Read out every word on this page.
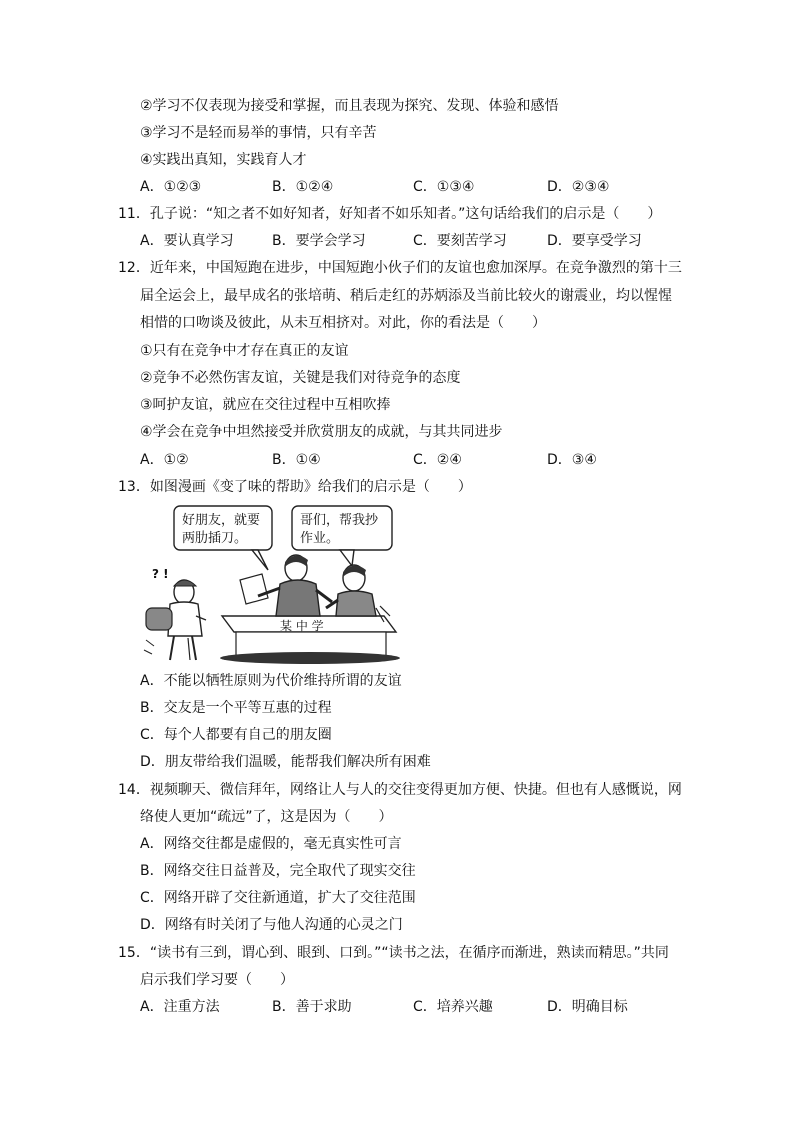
②学习不仅表现为接受和掌握，而且表现为探究、发现、体验和感悟
③学习不是轻而易举的事情，只有辛苦
④实践出真知，实践育人才
A．①②③	B．①②④	C．①③④	D．②③④
11．孔子说：“知之者不如好知者，好知者不如乐知者。”这句话给我们的启示是（　　）
A．要认真学习	B．要学会学习	C．要刻苦学习	D．要享受学习
12．近年来，中国短跑在进步，中国短跑小伙子们的友谊也愈加深厚。在竞争激烈的第十三
届全运会上，最早成名的张培萌、稍后走红的苏炳添及当前比较火的谢震业，均以惺惺
相惜的口吻谈及彼此，从未互相挤对。对此，你的看法是（　　）
①只有在竞争中才存在真正的友谊
②竞争不必然伤害友谊，关键是我们对待竞争的态度
③呵护友谊，就应在交往过程中互相吹捧
④学会在竞争中坦然接受并欣赏朋友的成就，与其共同进步
A．①②	B．①④	C．②④	D．③④
13．如图漫画《变了味的帮助》给我们的启示是（　　）
好朋友，就要
两肋插刀。
哥们，帮我抄
作业。
? !
某 中 学
A．不能以牺牲原则为代价维持所谓的友谊
B．交友是一个平等互惠的过程
C．每个人都要有自己的朋友圈
D．朋友带给我们温暖，能帮我们解决所有困难
14．视频聊天、微信拜年，网络让人与人的交往变得更加方便、快捷。但也有人感慨说，网
络使人更加“疏远”了，这是因为（　　）
A．网络交往都是虚假的，毫无真实性可言
B．网络交往日益普及，完全取代了现实交往
C．网络开辟了交往新通道，扩大了交往范围
D．网络有时关闭了与他人沟通的心灵之门
15．“读书有三到，谓心到、眼到、口到。”“读书之法，在循序而渐进，熟读而精思。”共同
启示我们学习要（　　）
A．注重方法	B．善于求助	C．培养兴趣	D．明确目标
